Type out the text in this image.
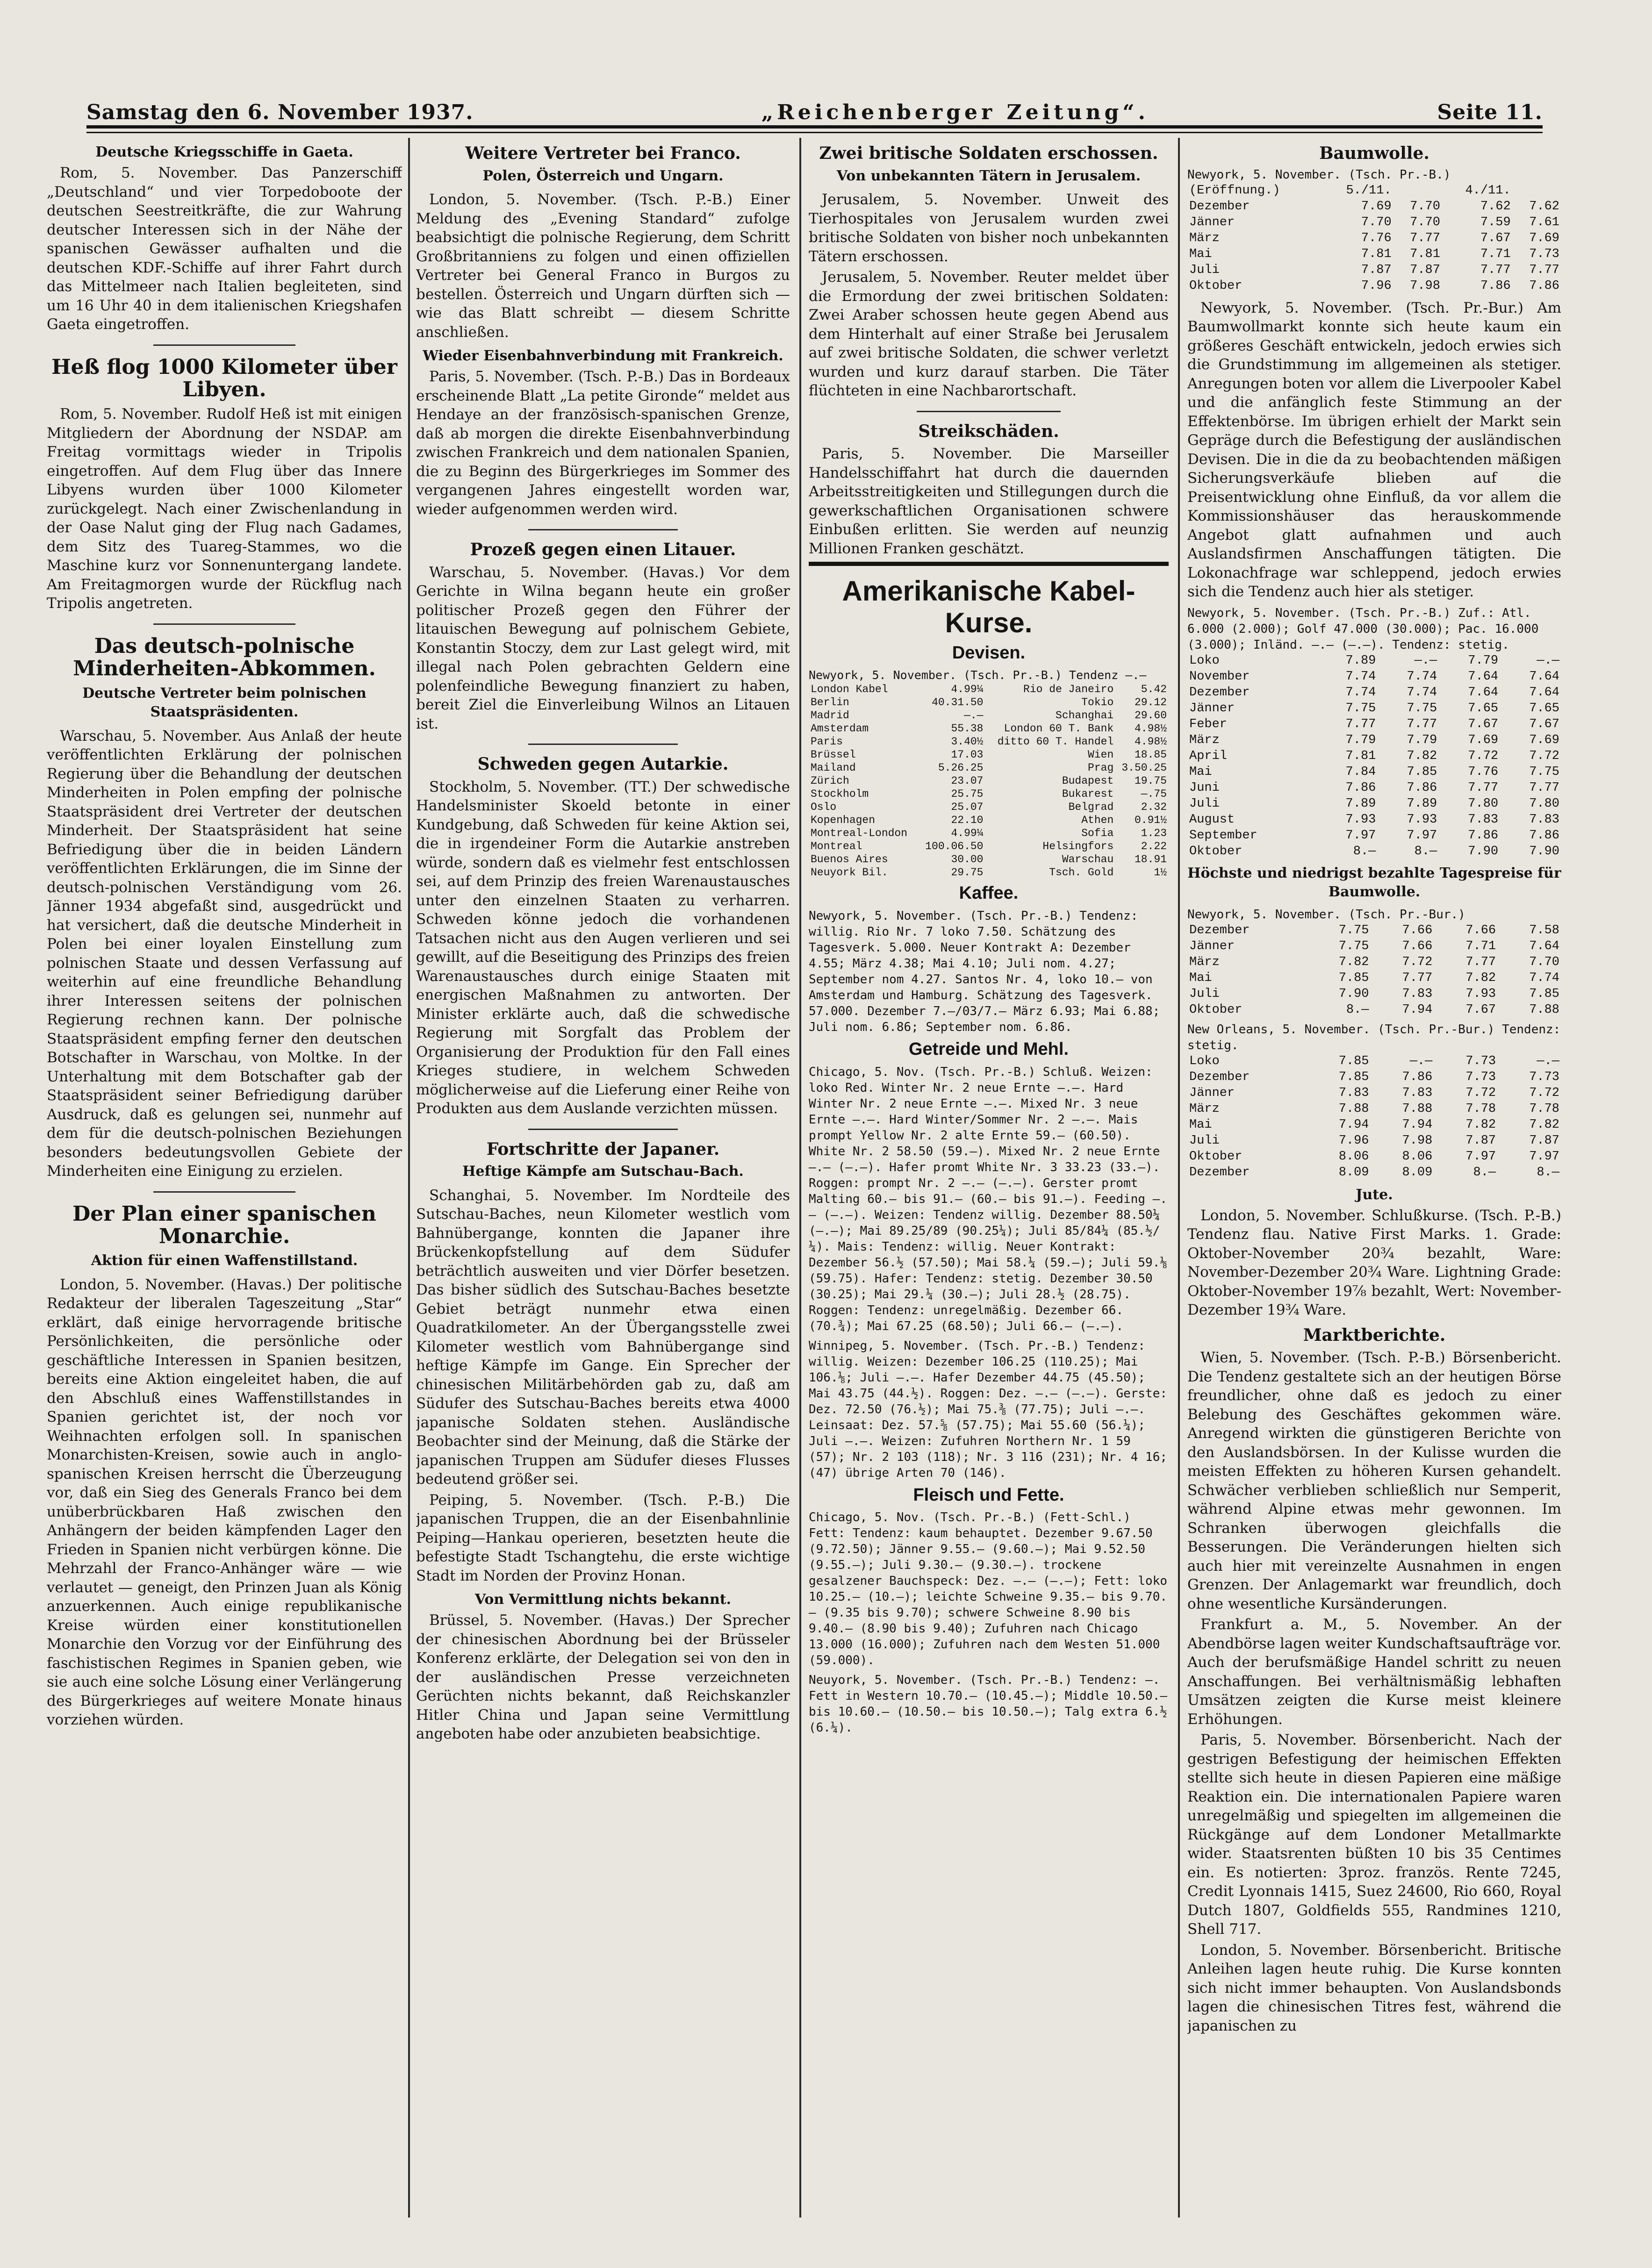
Samstag den 6. November 1937.	„Reichenberger Zeitung“.	Seite 11.
Deutsche Kriegsschiffe in Gaeta.

Rom, 5. November. Das Panzerschiff „Deutschland“ und vier Torpedoboote der deutschen Seestreitkräfte, die zur Wahrung deutscher Interessen sich in der Nähe der spanischen Gewässer aufhalten und die deutschen KDF.-Schiffe auf ihrer Fahrt durch das Mittelmeer nach Italien begleiteten, sind um 16 Uhr 40 in dem italienischen Kriegshafen Gaeta eingetroffen.

Heß flog 1000 Kilometer über Libyen.

Rom, 5. November. Rudolf Heß ist mit einigen Mitgliedern der Abordnung der NSDAP. am Freitag vormittags wieder in Tripolis eingetroffen. Auf dem Flug über das Innere Libyens wurden über 1000 Kilometer zurückgelegt. Nach einer Zwischenlandung in der Oase Nalut ging der Flug nach Gadames, dem Sitz des Tuareg-Stammes, wo die Maschine kurz vor Sonnenuntergang landete. Am Freitagmorgen wurde der Rückflug nach Tripolis angetreten.

Das deutsch-polnische Minderheiten-Abkommen.
Deutsche Vertreter beim polnischen Staatspräsidenten.

Warschau, 5. November. Aus Anlaß der heute veröffentlichten Erklärung der polnischen Regierung über die Behandlung der deutschen Minderheiten in Polen empfing der polnische Staatspräsident drei Vertreter der deutschen Minderheit. Der Staatspräsident hat seine Befriedigung über die in beiden Ländern veröffentlichten Erklärungen, die im Sinne der deutsch-polnischen Verständigung vom 26. Jänner 1934 abgefaßt sind, ausgedrückt und hat versichert, daß die deutsche Minderheit in Polen bei einer loyalen Einstellung zum polnischen Staate und dessen Verfassung auf weiterhin auf eine freundliche Behandlung ihrer Interessen seitens der polnischen Regierung rechnen kann. Der polnische Staatspräsident empfing ferner den deutschen Botschafter in Warschau, von Moltke. In der Unterhaltung mit dem Botschafter gab der Staatspräsident seiner Befriedigung darüber Ausdruck, daß es gelungen sei, nunmehr auf dem für die deutsch-polnischen Beziehungen besonders bedeutungsvollen Gebiete der Minderheiten eine Einigung zu erzielen.

Der Plan einer spanischen Monarchie.
Aktion für einen Waffenstillstand.

London, 5. November. (Havas.) Der politische Redakteur der liberalen Tageszeitung „Star“ erklärt, daß einige hervorragende britische Persönlichkeiten, die persönliche oder geschäftliche Interessen in Spanien besitzen, bereits eine Aktion eingeleitet haben, die auf den Abschluß eines Waffenstillstandes in Spanien gerichtet ist, der noch vor Weihnachten erfolgen soll. In spanischen Monarchisten-Kreisen, sowie auch in anglo-spanischen Kreisen herrscht die Überzeugung vor, daß ein Sieg des Generals Franco bei dem unüberbrückbaren Haß zwischen den Anhängern der beiden kämpfenden Lager den Frieden in Spanien nicht verbürgen könne. Die Mehrzahl der Franco-Anhänger wäre — wie verlautet — geneigt, den Prinzen Juan als König anzuerkennen. Auch einige republikanische Kreise würden einer konstitutionellen Monarchie den Vorzug vor der Einführung des faschistischen Regimes in Spanien geben, wie sie auch eine solche Lösung einer Verlängerung des Bürgerkrieges auf weitere Monate hinaus vorziehen würden.

Weitere Vertreter bei Franco.
Polen, Österreich und Ungarn.

London, 5. November. (Tsch. P.-B.) Einer Meldung des „Evening Standard“ zufolge beabsichtigt die polnische Regierung, dem Schritt Großbritanniens zu folgen und einen offiziellen Vertreter bei General Franco in Burgos zu bestellen. Österreich und Ungarn dürften sich — wie das Blatt schreibt — diesem Schritte anschließen.

Wieder Eisenbahnverbindung mit Frankreich.

Paris, 5. November. (Tsch. P.-B.) Das in Bordeaux erscheinende Blatt „La petite Gironde“ meldet aus Hendaye an der französisch-spanischen Grenze, daß ab morgen die direkte Eisenbahnverbindung zwischen Frankreich und dem nationalen Spanien, die zu Beginn des Bürgerkrieges im Sommer des vergangenen Jahres eingestellt worden war, wieder aufgenommen werden wird.

Prozeß gegen einen Litauer.

Warschau, 5. November. (Havas.) Vor dem Gerichte in Wilna begann heute ein großer politischer Prozeß gegen den Führer der litauischen Bewegung auf polnischem Gebiete, Konstantin Stoczy, dem zur Last gelegt wird, mit illegal nach Polen gebrachten Geldern eine polenfeindliche Bewegung finanziert zu haben, bereit Ziel die Einverleibung Wilnos an Litauen ist.

Schweden gegen Autarkie.

Stockholm, 5. November. (TT.) Der schwedische Handelsminister Skoeld betonte in einer Kundgebung, daß Schweden für keine Aktion sei, die in irgendeiner Form die Autarkie anstreben würde, sondern daß es vielmehr fest entschlossen sei, auf dem Prinzip des freien Warenaustausches unter den einzelnen Staaten zu verharren. Schweden könne jedoch die vorhandenen Tatsachen nicht aus den Augen verlieren und sei gewillt, auf die Beseitigung des Prinzips des freien Warenaustausches durch einige Staaten mit energischen Maßnahmen zu antworten. Der Minister erklärte auch, daß die schwedische Regierung mit Sorgfalt das Problem der Organisierung der Produktion für den Fall eines Krieges studiere, in welchem Schweden möglicherweise auf die Lieferung einer Reihe von Produkten aus dem Auslande verzichten müssen.

Fortschritte der Japaner.
Heftige Kämpfe am Sutschau-Bach.

Schanghai, 5. November. Im Nordteile des Sutschau-Baches, neun Kilometer westlich vom Bahnübergange, konnten die Japaner ihre Brückenkopfstellung auf dem Südufer beträchtlich ausweiten und vier Dörfer besetzen. Das bisher südlich des Sutschau-Baches besetzte Gebiet beträgt nunmehr etwa einen Quadratkilometer. An der Übergangsstelle zwei Kilometer westlich vom Bahnübergange sind heftige Kämpfe im Gange. Ein Sprecher der chinesischen Militärbehörden gab zu, daß am Südufer des Sutschau-Baches bereits etwa 4000 japanische Soldaten stehen. Ausländische Beobachter sind der Meinung, daß die Stärke der japanischen Truppen am Südufer dieses Flusses bedeutend größer sei.

Peiping, 5. November. (Tsch. P.-B.) Die japanischen Truppen, die an der Eisenbahnlinie Peiping—Hankau operieren, besetzten heute die befestigte Stadt Tschangtehu, die erste wichtige Stadt im Norden der Provinz Honan.

Von Vermittlung nichts bekannt.

Brüssel, 5. November. (Havas.) Der Sprecher der chinesischen Abordnung bei der Brüsseler Konferenz erklärte, der Delegation sei von den in der ausländischen Presse verzeichneten Gerüchten nichts bekannt, daß Reichskanzler Hitler China und Japan seine Vermittlung angeboten habe oder anzubieten beabsichtige.

Zwei britische Soldaten erschossen.
Von unbekannten Tätern in Jerusalem.

Jerusalem, 5. November. Unweit des Tierhospitales von Jerusalem wurden zwei britische Soldaten von bisher noch unbekannten Tätern erschossen.

Jerusalem, 5. November. Reuter meldet über die Ermordung der zwei britischen Soldaten: Zwei Araber schossen heute gegen Abend aus dem Hinterhalt auf einer Straße bei Jerusalem auf zwei britische Soldaten, die schwer verletzt wurden und kurz darauf starben. Die Täter flüchteten in eine Nachbarortschaft.

Streikschäden.

Paris, 5. November. Die Marseiller Handelsschiffahrt hat durch die dauernden Arbeitsstreitigkeiten und Stillegungen durch die gewerkschaftlichen Organisationen schwere Einbußen erlitten. Sie werden auf neunzig Millionen Franken geschätzt.

Amerikanische Kabel-Kurse.
Devisen.
Newyork, 5. November. (Tsch. Pr.-B.) Tendenz —.—
London Kabel	4.99¼	Rio de Janeiro	5.42
Berlin	40.31.50	Tokio	29.12
Madrid	—.—	Schanghai	29.60
Amsterdam	55.38	London 60 T. Bank	4.98½
Paris	3.40½	ditto 60 T. Handel	4.98½
Brüssel	17.03	Wien	18.85
Mailand	5.26.25	Prag	3.50.25
Zürich	23.07	Budapest	19.75
Stockholm	25.75	Bukarest	—.75
Oslo	25.07	Belgrad	2.32
Kopenhagen	22.10	Athen	0.91½
Montreal-London	4.99¼	Sofia	1.23
Montreal	100.06.50	Helsingfors	2.22
Buenos Aires	30.00	Warschau	18.91
Neuyork Bil.	29.75	Tsch. Gold	1½
Kaffee.
Newyork, 5. November. (Tsch. Pr.-B.) Tendenz: willig. Rio Nr. 7 loko 7.50. Schätzung des Tagesverk. 5.000. Neuer Kontrakt A: Dezember 4.55; März 4.38; Mai 4.10; Juli nom. 4.27; September nom 4.27. Santos Nr. 4, loko 10.— von Amsterdam und Hamburg. Schätzung des Tagesverk. 57.000. Dezember 7.—/03/7.— März 6.93; Mai 6.88; Juli nom. 6.86; September nom. 6.86.
Getreide und Mehl.
Chicago, 5. Nov. (Tsch. Pr.-B.) Schluß. Weizen: loko Red. Winter Nr. 2 neue Ernte —.—. Hard Winter Nr. 2 neue Ernte —.—. Mixed Nr. 3 neue Ernte —.—. Hard Winter/Sommer Nr. 2 —.—. Mais prompt Yellow Nr. 2 alte Ernte 59.— (60.50). White Nr. 2 58.50 (59.—). Mixed Nr. 2 neue Ernte —.— (—.—). Hafer promt White Nr. 3 33.23 (33.—). Roggen: prompt Nr. 2 —.— (—.—). Gerster promt Malting 60.— bis 91.— (60.— bis 91.—). Feeding —.— (—.—). Weizen: Tendenz willig. Dezember 88.50¼ (—.—); Mai 89.25/89 (90.25¼); Juli 85/84¼ (85.½/¼). Mais: Tendenz: willig. Neuer Kontrakt: Dezember 56.½ (57.50); Mai 58.¼ (59.—); Juli 59.⅛ (59.75). Hafer: Tendenz: stetig. Dezember 30.50 (30.25); Mai 29.¼ (30.—); Juli 28.½ (28.75). Roggen: Tendenz: unregelmäßig. Dezember 66. (70.¾); Mai 67.25 (68.50); Juli 66.— (—.—).
Winnipeg, 5. November. (Tsch. Pr.-B.) Tendenz: willig. Weizen: Dezember 106.25 (110.25); Mai 106.⅛; Juli —.—. Hafer Dezember 44.75 (45.50); Mai 43.75 (44.½). Roggen: Dez. —.— (—.—). Gerste: Dez. 72.50 (76.½); Mai 75.⅜ (77.75); Juli —.—. Leinsaat: Dez. 57.⅝ (57.75); Mai 55.60 (56.¼); Juli —.—. Weizen: Zufuhren Northern Nr. 1 59 (57); Nr. 2 103 (118); Nr. 3 116 (231); Nr. 4 16; (47) übrige Arten 70 (146).
Fleisch und Fette.
Chicago, 5. Nov. (Tsch. Pr.-B.) (Fett-Schl.) Fett: Tendenz: kaum behauptet. Dezember 9.67.50 (9.72.50); Jänner 9.55.— (9.60.—); Mai 9.52.50 (9.55.—); Juli 9.30.— (9.30.—). trockene gesalzener Bauchspeck: Dez. —.— (—.—); Fett: loko 10.25.— (10.—); leichte Schweine 9.35.— bis 9.70.— (9.35 bis 9.70); schwere Schweine 8.90 bis 9.40.— (8.90 bis 9.40); Zufuhren nach Chicago 13.000 (16.000); Zufuhren nach dem Westen 51.000 (59.000).
Neuyork, 5. November. (Tsch. Pr.-B.) Tendenz: —. Fett in Western 10.70.— (10.45.—); Middle 10.50.— bis 10.60.— (10.50.— bis 10.50.—); Talg extra 6.½ (6.¼).
Baumwolle.
Newyork, 5. November. (Tsch. Pr.-B.)
(Eröffnung.)	5./11.		4./11.	
Dezember	7.69	7.70	7.62	7.62
Jänner	7.70	7.70	7.59	7.61
März	7.76	7.77	7.67	7.69
Mai	7.81	7.81	7.71	7.73
Juli	7.87	7.87	7.77	7.77
Oktober	7.96	7.98	7.86	7.86

Newyork, 5. November. (Tsch. Pr.-Bur.) Am Baumwollmarkt konnte sich heute kaum ein größeres Geschäft entwickeln, jedoch erwies sich die Grundstimmung im allgemeinen als stetiger. Anregungen boten vor allem die Liverpooler Kabel und die anfänglich feste Stimmung an der Effektenbörse. Im übrigen erhielt der Markt sein Gepräge durch die Befestigung der ausländischen Devisen. Die in die da zu beobachtenden mäßigen Sicherungsverkäufe blieben auf die Preisentwicklung ohne Einfluß, da vor allem die Kommissionshäuser das herauskommende Angebot glatt aufnahmen und auch Auslandsfirmen Anschaffungen tätigten. Die Lokonachfrage war schleppend, jedoch erwies sich die Tendenz auch hier als stetiger.

Newyork, 5. November. (Tsch. Pr.-B.) Zuf.: Atl. 6.000 (2.000); Golf 47.000 (30.000); Pac. 16.000 (3.000); Inländ. —.— (—.—). Tendenz: stetig.
Loko	7.89	—.—	7.79	—.—
November	7.74	7.74	7.64	7.64
Dezember	7.74	7.74	7.64	7.64
Jänner	7.75	7.75	7.65	7.65
Feber	7.77	7.77	7.67	7.67
März	7.79	7.79	7.69	7.69
April	7.81	7.82	7.72	7.72
Mai	7.84	7.85	7.76	7.75
Juni	7.86	7.86	7.77	7.77
Juli	7.89	7.89	7.80	7.80
August	7.93	7.93	7.83	7.83
September	7.97	7.97	7.86	7.86
Oktober	8.—	8.—	7.90	7.90
Höchste und niedrigst bezahlte Tagespreise für Baumwolle.
Newyork, 5. November. (Tsch. Pr.-Bur.)
Dezember	7.75	7.66	7.66	7.58
Jänner	7.75	7.66	7.71	7.64
März	7.82	7.72	7.77	7.70
Mai	7.85	7.77	7.82	7.74
Juli	7.90	7.83	7.93	7.85
Oktober	8.—	7.94	7.67	7.88
New Orleans, 5. November. (Tsch. Pr.-Bur.) Tendenz: stetig.
Loko	7.85	—.—	7.73	—.—
Dezember	7.85	7.86	7.73	7.73
Jänner	7.83	7.83	7.72	7.72
März	7.88	7.88	7.78	7.78
Mai	7.94	7.94	7.82	7.82
Juli	7.96	7.98	7.87	7.87
Oktober	8.06	8.06	7.97	7.97
Dezember	8.09	8.09	8.—	8.—
Jute.

London, 5. November. Schlußkurse. (Tsch. P.-B.) Tendenz flau. Native First Marks. 1. Grade: Oktober-November 20¾ bezahlt, Ware: November-Dezember 20¾ Ware. Lightning Grade: Oktober-November 19⅞ bezahlt, Wert: November-Dezember 19¾ Ware.

Marktberichte.

Wien, 5. November. (Tsch. P.-B.) Börsenbericht. Die Tendenz gestaltete sich an der heutigen Börse freundlicher, ohne daß es jedoch zu einer Belebung des Geschäftes gekommen wäre. Anregend wirkten die günstigeren Berichte von den Auslandsbörsen. In der Kulisse wurden die meisten Effekten zu höheren Kursen gehandelt. Schwächer verblieben schließlich nur Semperit, während Alpine etwas mehr gewonnen. Im Schranken überwogen gleichfalls die Besserungen. Die Veränderungen hielten sich auch hier mit vereinzelte Ausnahmen in engen Grenzen. Der Anlagemarkt war freundlich, doch ohne wesentliche Kursänderungen.

Frankfurt a. M., 5. November. An der Abendbörse lagen weiter Kundschaftsaufträge vor. Auch der berufsmäßige Handel schritt zu neuen Anschaffungen. Bei verhältnismäßig lebhaften Umsätzen zeigten die Kurse meist kleinere Erhöhungen.

Paris, 5. November. Börsenbericht. Nach der gestrigen Befestigung der heimischen Effekten stellte sich heute in diesen Papieren eine mäßige Reaktion ein. Die internationalen Papiere waren unregelmäßig und spiegelten im allgemeinen die Rückgänge auf dem Londoner Metallmarkte wider. Staatsrenten büßten 10 bis 35 Centimes ein. Es notierten: 3proz. französ. Rente 7245, Credit Lyonnais 1415, Suez 24600, Rio 660, Royal Dutch 1807, Goldfields 555, Randmines 1210, Shell 717.

London, 5. November. Börsenbericht. Britische Anleihen lagen heute ruhig. Die Kurse konnten sich nicht immer behaupten. Von Auslandsbonds lagen die chinesischen Titres fest, während die japanischen zu
